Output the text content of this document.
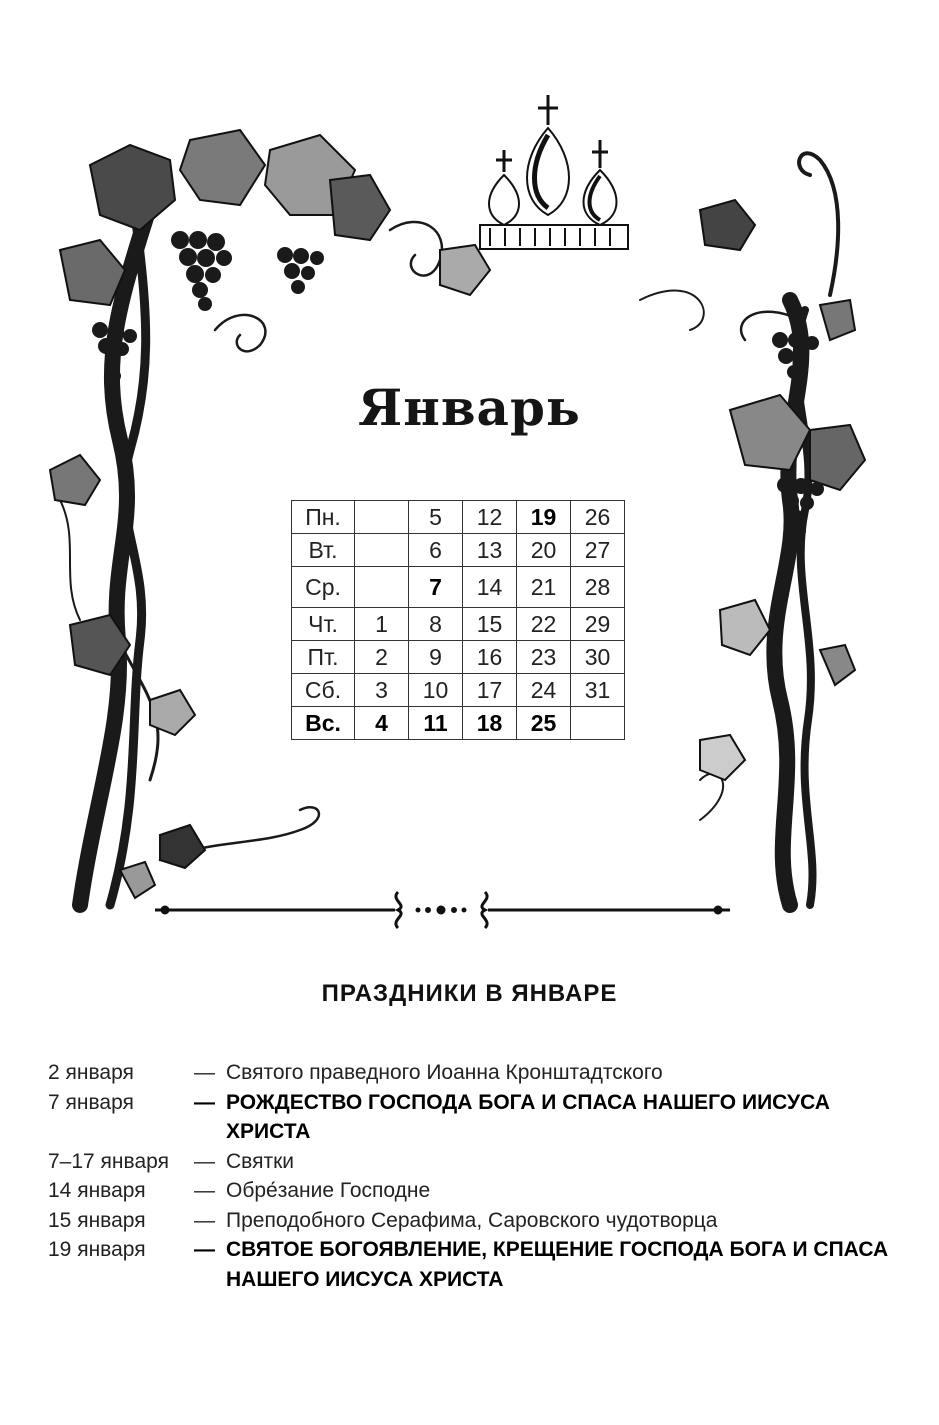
Январь
Пн.		5	12	19	26
Вт.		6	13	20	27
Ср.		7	14	21	28
Чт.	1	8	15	22	29
Пт.	2	9	16	23	30
Сб.	3	10	17	24	31
Вс.	4	11	18	25	
ПРАЗДНИКИ В ЯНВАРЕ
2 января	— Святого праведного Иоанна Кронштадтского
7 января	— РОЖДЕСТВО ГОСПОДА БОГА И СПАСА НАШЕГО ИИСУСА ХРИСТА
7–17 января	— Святки
14 января	— Обре́зание Господне
15 января	— Преподобного Серафима, Саровского чудотворца
19 января	— СВЯТОЕ БОГОЯВЛЕНИЕ, КРЕЩЕНИЕ ГОСПОДА БОГА И СПАСА НАШЕГО ИИСУСА ХРИСТА
